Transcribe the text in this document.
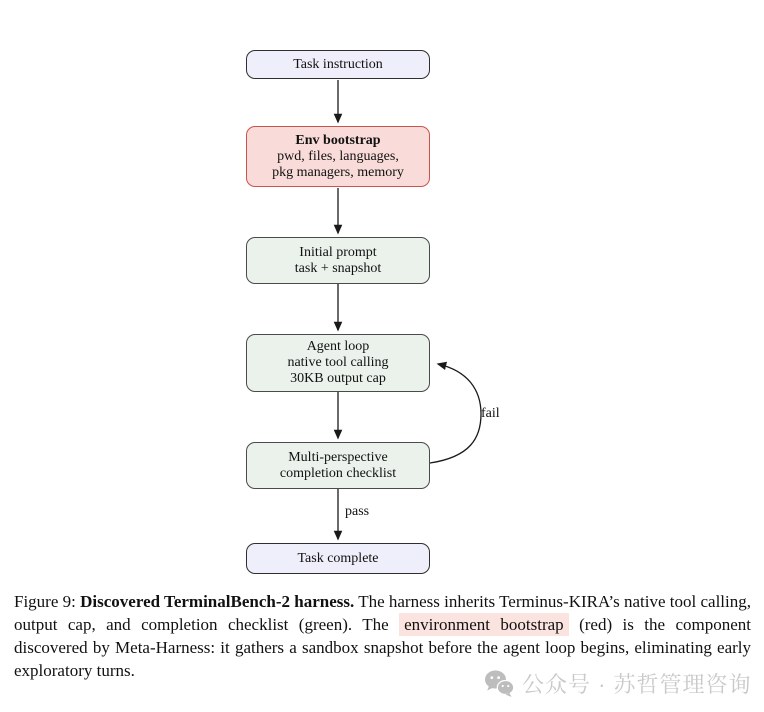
Task instruction
Env bootstrap
pwd, files, languages,
pkg managers, memory
Initial prompt
task + snapshot
Agent loop
native tool calling
30KB output cap
Multi-perspective
completion checklist
Task complete
fail
pass

Figure 9: Discovered TerminalBench-2 harness. The harness inherits Terminus-KIRA’s native tool calling, output cap, and completion checklist (green). The environment bootstrap (red) is the component discovered by Meta-Harness: it gathers a sandbox snapshot before the agent loop begins, eliminating early exploratory turns.

公众号 · 苏哲管理咨询
